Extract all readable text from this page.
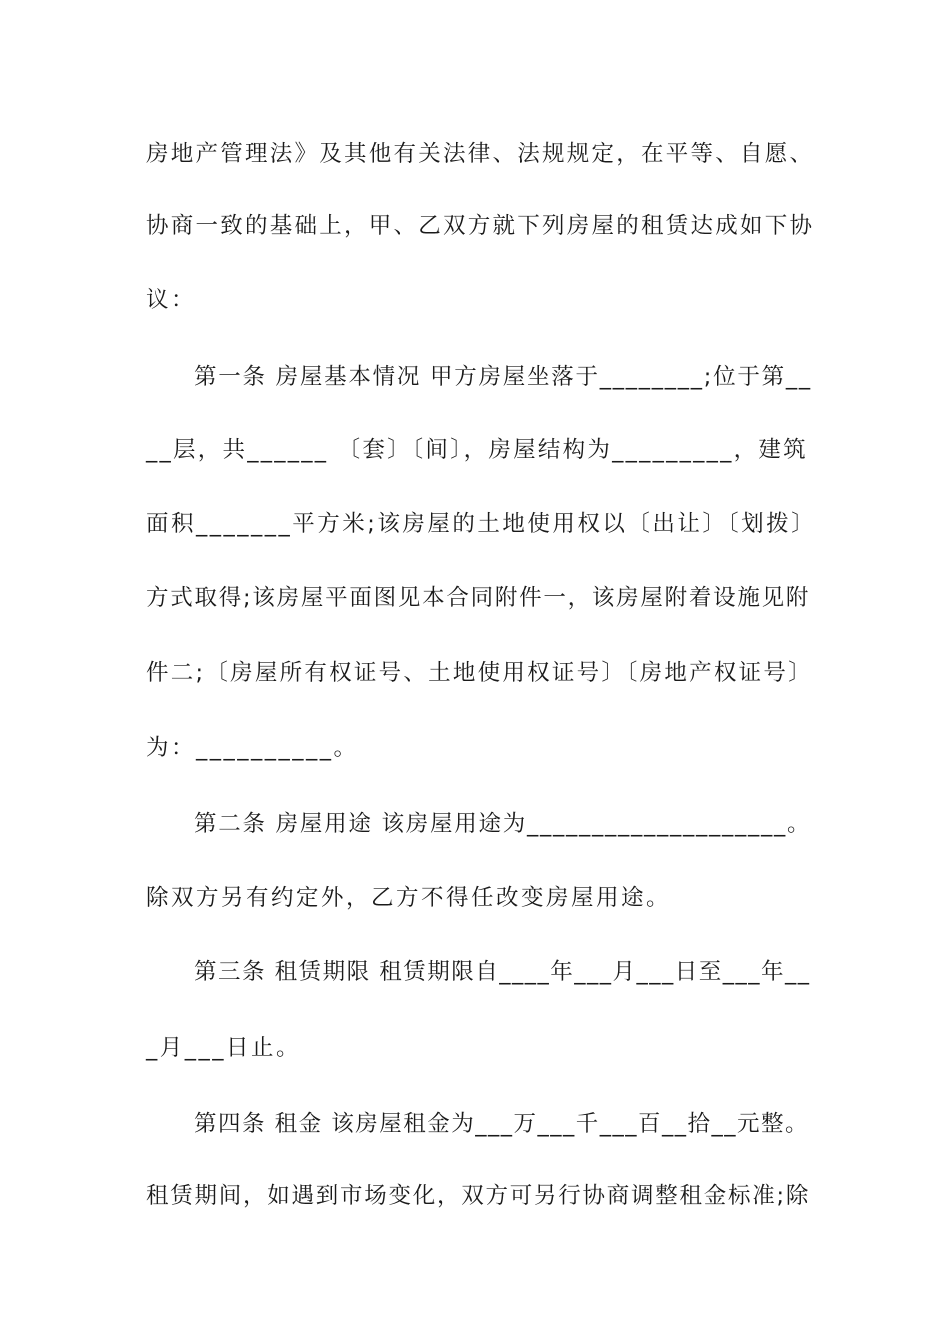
房地产管理法》及其他有关法律、法规规定，在平等、自愿、
协商一致的基础上，甲、乙双方就下列房屋的租赁达成如下协
议：
第一条 房屋基本情况 甲方房屋坐落于________;位于第__
__层，共______ 〔套〕〔间〕，房屋结构为_________，建筑
面积_______平方米;该房屋的土地使用权以〔出让〕〔划拨〕
方式取得;该房屋平面图见本合同附件一，该房屋附着设施见附
件二;〔房屋所有权证号、土地使用权证号〕〔房地产权证号〕
为：__________。
第二条 房屋用途 该房屋用途为____________________。
除双方另有约定外，乙方不得任改变房屋用途。
第三条 租赁期限 租赁期限自____年___月___日至___年__
_月___日止。
第四条 租金 该房屋租金为___万___千___百__拾__元整。
租赁期间，如遇到市场变化，双方可另行协商调整租金标准;除
